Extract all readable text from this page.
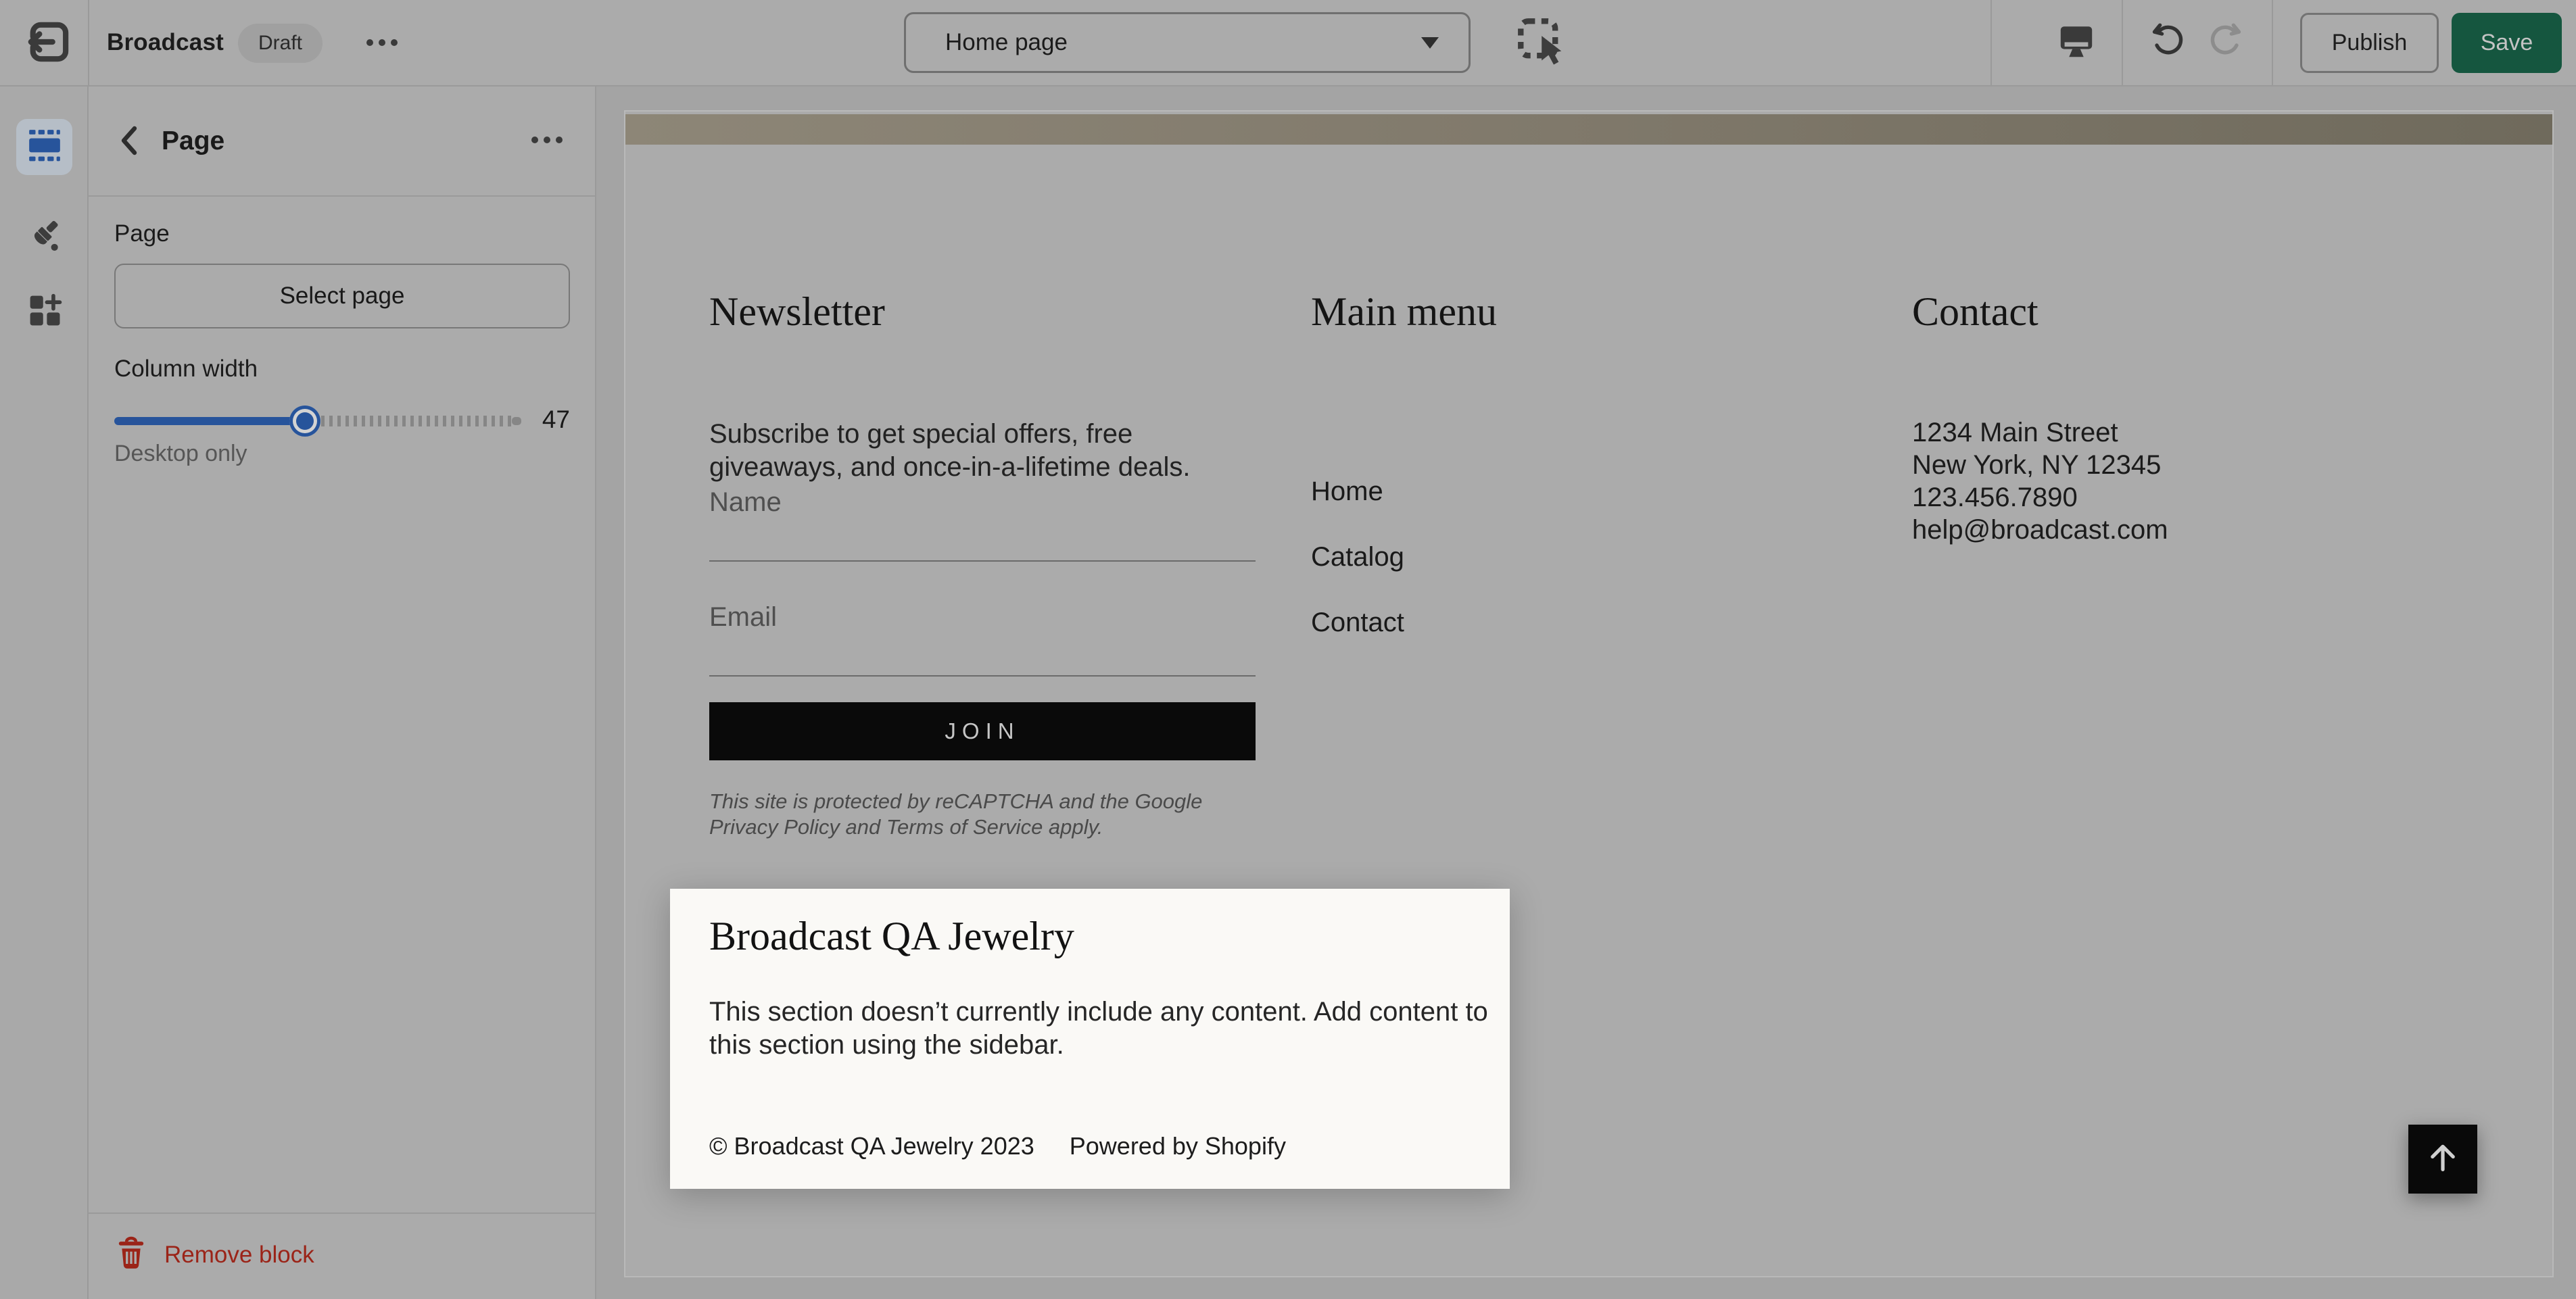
Broadcast	Draft	Home page	Publish	Save
Page
Page
Select page
Column width
47
Desktop only
Remove block
Newsletter
Subscribe to get special offers, free giveaways, and once-in-a-lifetime deals.
Name
Email
JOIN
This site is protected by reCAPTCHA and the Google
Privacy Policy and Terms of Service apply.
Main menu
Home
Catalog
Contact
Contact
1234 Main Street
New York, NY 12345
123.456.7890
help@broadcast.com
Broadcast QA Jewelry
This section doesn’t currently include any content. Add content to this section using the sidebar.
© Broadcast QA Jewelry 2023 Powered by Shopify
